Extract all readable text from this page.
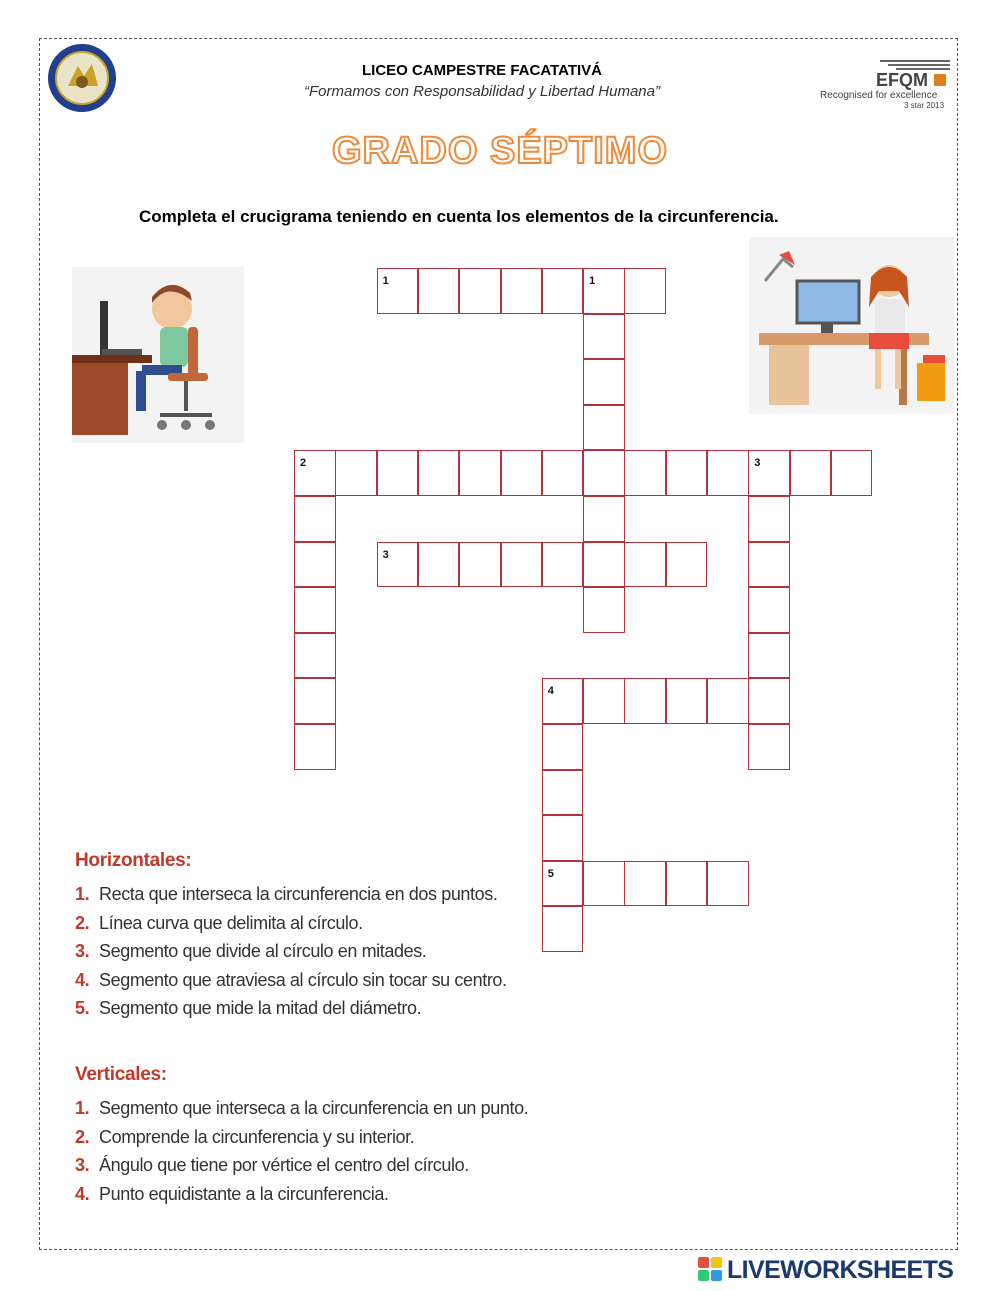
LICEO CAMPESTRE FACATATIVÁ
“Formamos con Responsabilidad y Libertad Humana”
EFQM
Recognised for excellence
3 star 2013
GRADO SÉPTIMO
Completa el crucigrama teniendo en cuenta los elementos de la circunferencia.
1	1
2	3
3
4
5
Horizontales:
1. Recta que interseca la circunferencia en dos puntos.
2. Línea curva que delimita al círculo.
3. Segmento que divide al círculo en mitades.
4. Segmento que atraviesa al círculo sin tocar su centro.
5. Segmento que mide la mitad del diámetro.
Verticales:
1. Segmento que interseca a la circunferencia en un punto.
2. Comprende la circunferencia y su interior.
3. Ángulo que tiene por vértice el centro del círculo.
4. Punto equidistante a la circunferencia.
LIVEWORKSHEETS
